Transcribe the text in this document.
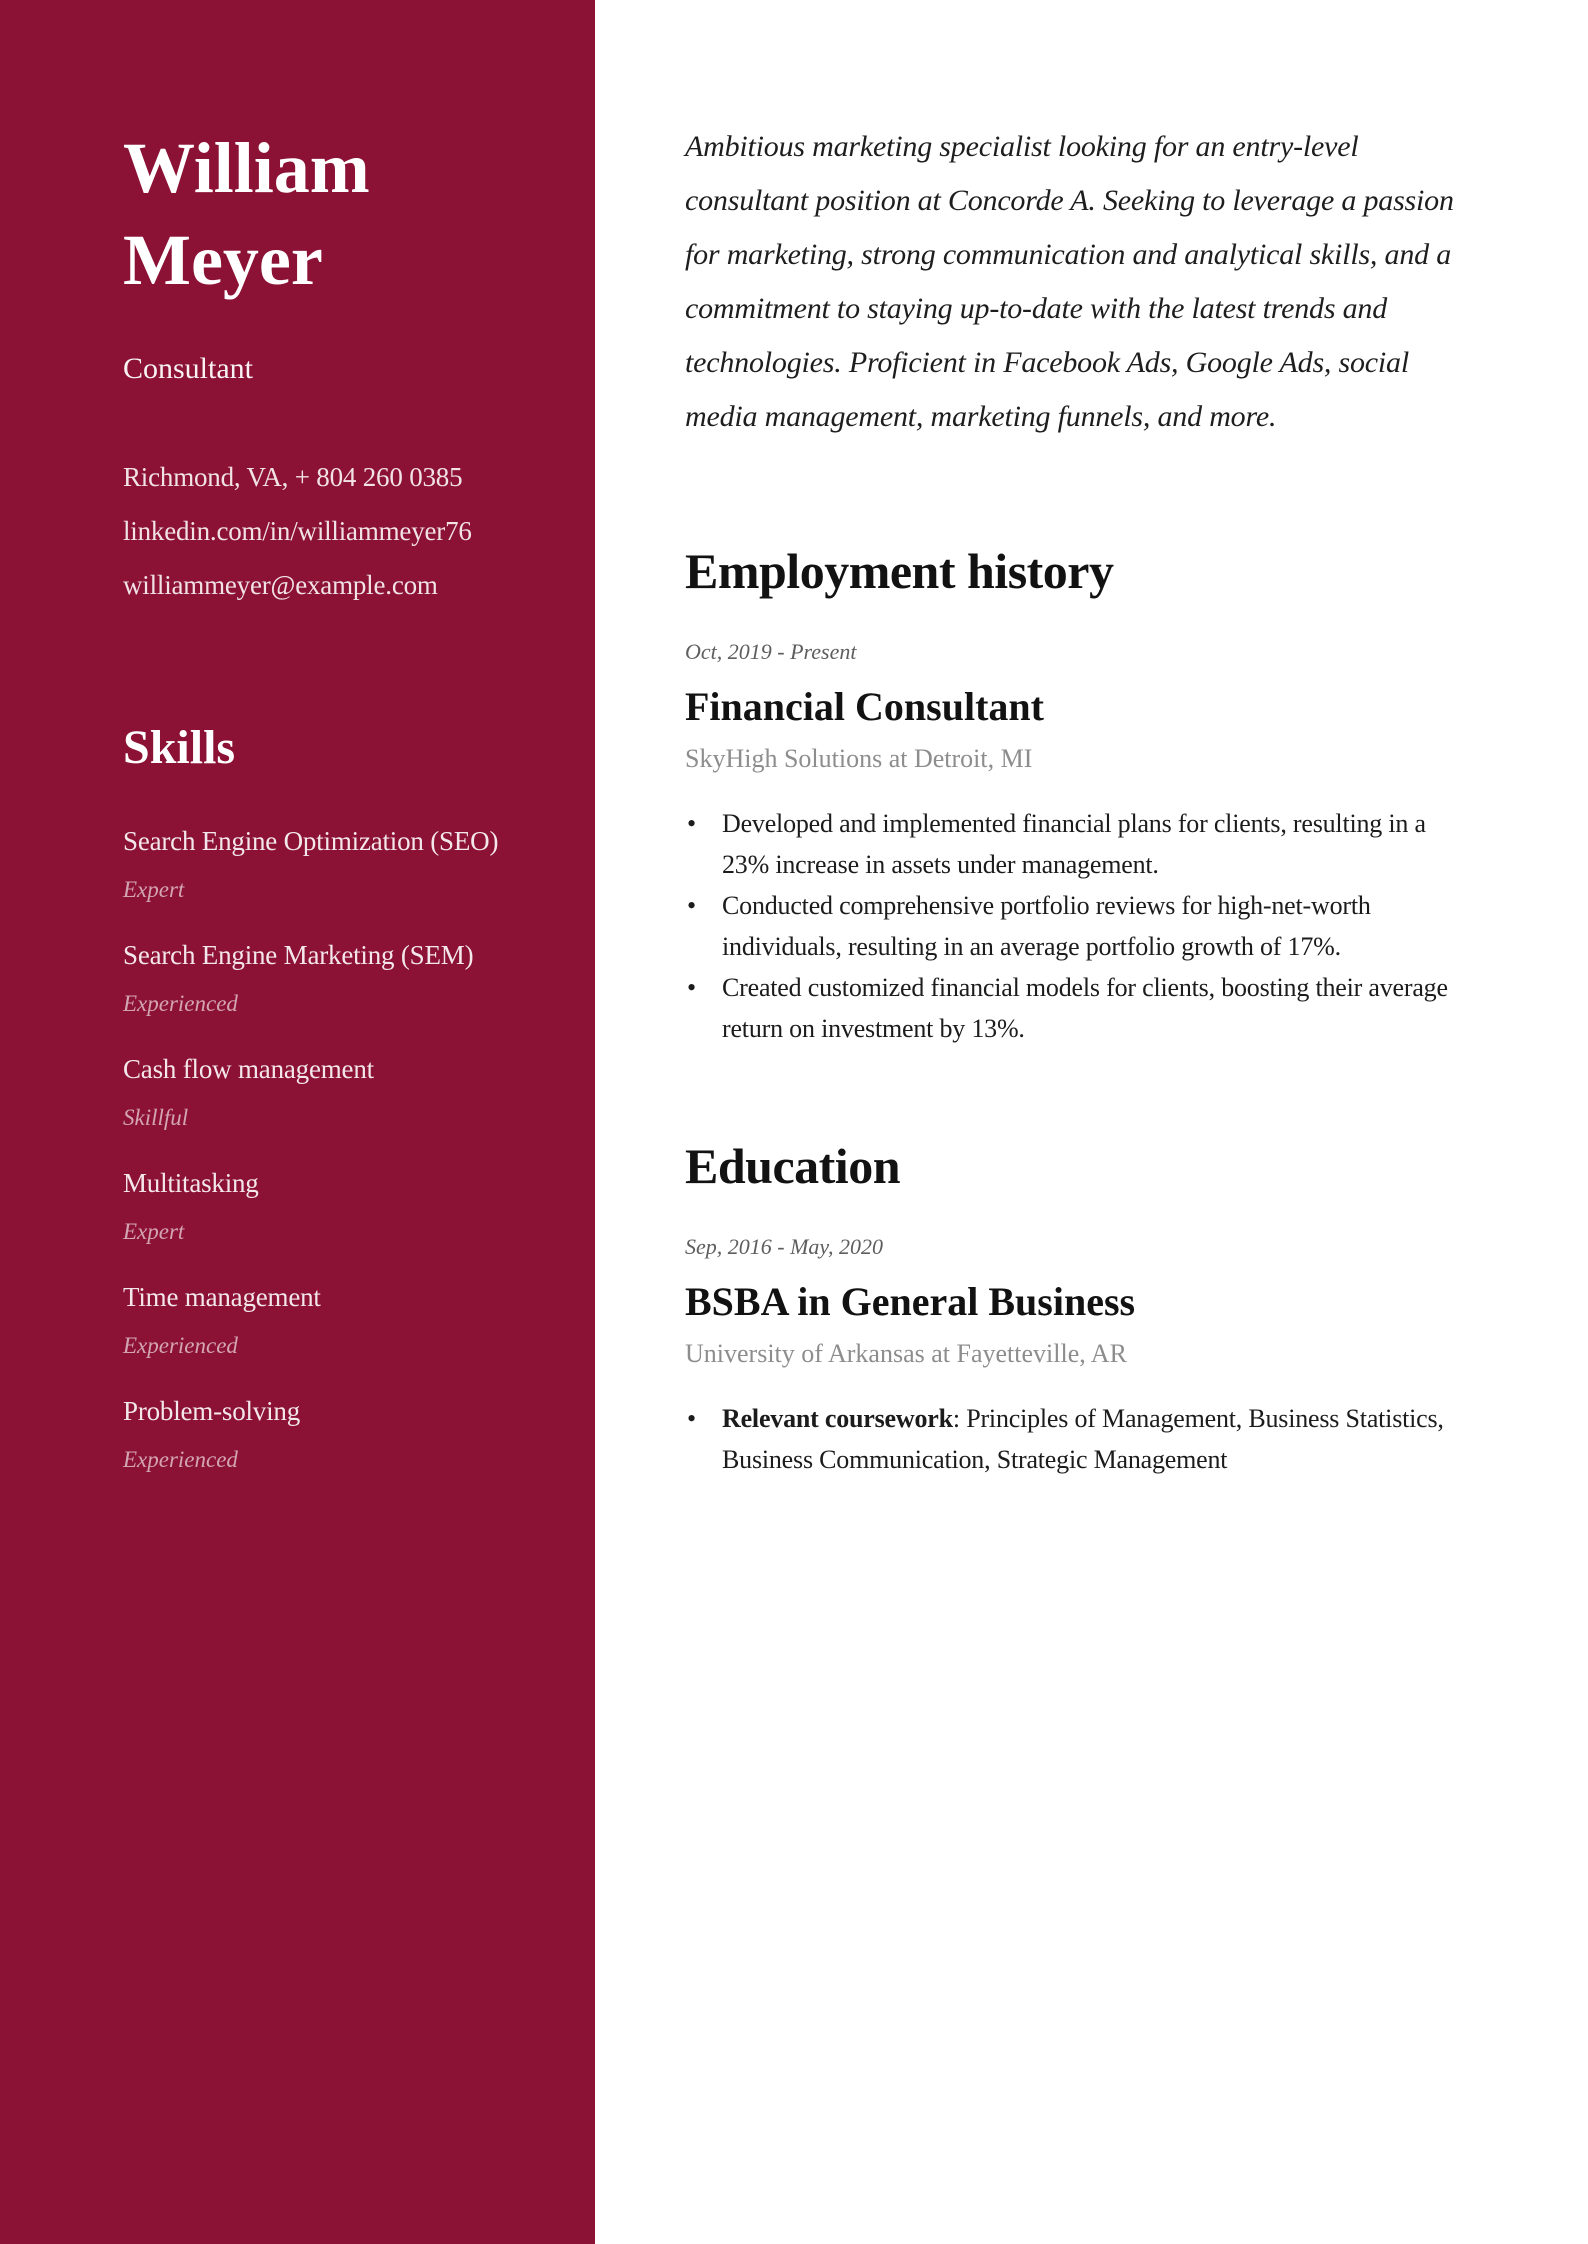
William Meyer
Consultant
Richmond, VA, + 804 260 0385
linkedin.com/in/williammeyer76
williammeyer@example.com
Skills
Search Engine Optimization (SEO)
Expert
Search Engine Marketing (SEM)
Experienced
Cash flow management
Skillful
Multitasking
Expert
Time management
Experienced
Problem-solving
Experienced

Ambitious marketing specialist looking for an entry-level consultant position at Concorde A. Seeking to leverage a passion for marketing, strong communication and analytical skills, and a commitment to staying up-to-date with the latest trends and technologies. Proficient in Facebook Ads, Google Ads, social media management, marketing funnels, and more.

Employment history
Oct, 2019 - Present
Financial Consultant
SkyHigh Solutions at Detroit, MI
• Developed and implemented financial plans for clients, resulting in a 23% increase in assets under management.
• Conducted comprehensive portfolio reviews for high-net-worth individuals, resulting in an average portfolio growth of 17%.
• Created customized financial models for clients, boosting their average return on investment by 13%.
Education
Sep, 2016 - May, 2020
BSBA in General Business
University of Arkansas at Fayetteville, AR
• Relevant coursework: Principles of Management, Business Statistics, Business Communication, Strategic Management
